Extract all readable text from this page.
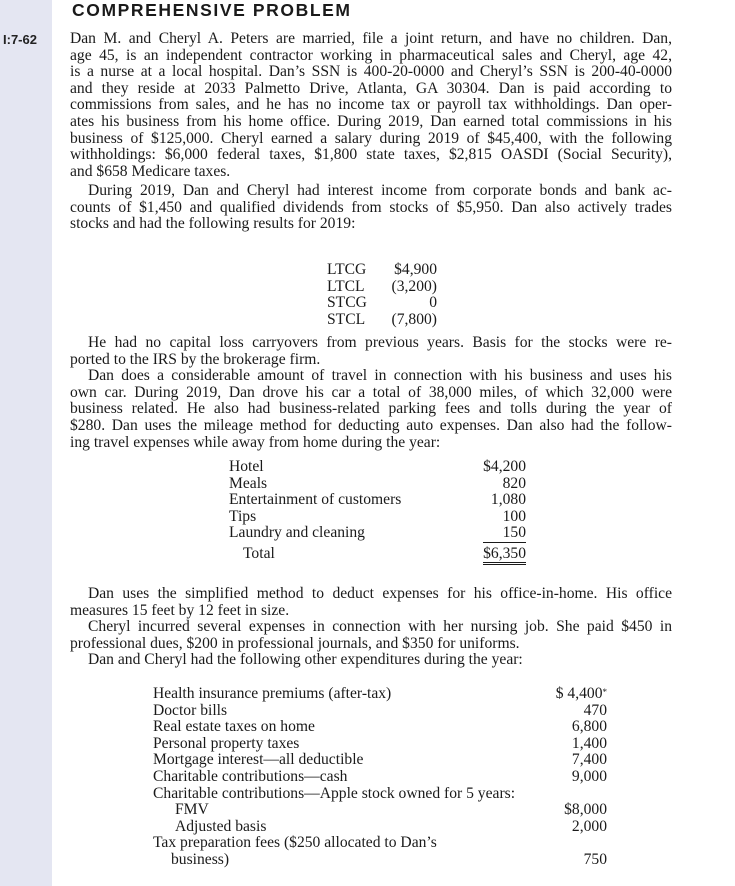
COMPREHENSIVE PROBLEM
I:7-62 Dan M. and Cheryl A. Peters are married, file a joint return, and have no children. Dan,
age 45, is an independent contractor working in pharmaceutical sales and Cheryl, age 42,
is a nurse at a local hospital. Dan’s SSN is 400-20-0000 and Cheryl’s SSN is 200-40-0000
and they reside at 2033 Palmetto Drive, Atlanta, GA 30304. Dan is paid according to
commissions from sales, and he has no income tax or payroll tax withholdings. Dan oper-
ates his business from his home office. During 2019, Dan earned total commissions in his
business of $125,000. Cheryl earned a salary during 2019 of $45,400, with the following
withholdings: $6,000 federal taxes, $1,800 state taxes, $2,815 OASDI (Social Security),
and $658 Medicare taxes.
During 2019, Dan and Cheryl had interest income from corporate bonds and bank ac-
counts of $1,450 and qualified dividends from stocks of $5,950. Dan also actively trades
stocks and had the following results for 2019:
LTCG	$4,900
LTCL	(3,200)
STCG	0
STCL	(7,800)
He had no capital loss carryovers from previous years. Basis for the stocks were re-
ported to the IRS by the brokerage firm.
Dan does a considerable amount of travel in connection with his business and uses his
own car. During 2019, Dan drove his car a total of 38,000 miles, of which 32,000 were
business related. He also had business-related parking fees and tolls during the year of
$280. Dan uses the mileage method for deducting auto expenses. Dan also had the follow-
ing travel expenses while away from home during the year:
Hotel	$4,200
Meals	820
Entertainment of customers	1,080
Tips	100
Laundry and cleaning	150
Total	$6,350
Dan uses the simplified method to deduct expenses for his office-in-home. His office
measures 15 feet by 12 feet in size.
Cheryl incurred several expenses in connection with her nursing job. She paid $450 in
professional dues, $200 in professional journals, and $350 for uniforms.
Dan and Cheryl had the following other expenditures during the year:
Health insurance premiums (after-tax)	$ 4,400*
Doctor bills	470
Real estate taxes on home	6,800
Personal property taxes	1,400
Mortgage interest—all deductible	7,400
Charitable contributions—cash	9,000
Charitable contributions—Apple stock owned for 5 years:	
FMV	$8,000
Adjusted basis	2,000
Tax preparation fees ($250 allocated to Dan’s	
business)	750
